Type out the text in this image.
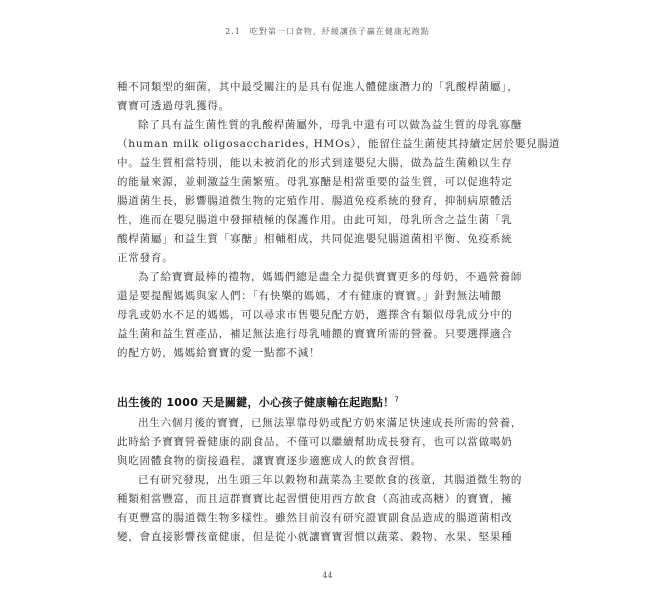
2.1　吃對第一口食物，紓緩讓孩子贏在健康起跑點

種不同類型的細菌，其中最受關注的是具有促進人體健康潛力的「乳酸桿菌屬」，
寶寶可透過母乳獲得。

除了具有益生菌性質的乳酸桿菌屬外，母乳中還有可以做為益生質的母乳寡醣
（human milk oligosaccharides, HMOs），能留住益生菌使其持續定居於嬰兒腸道
中。益生質相當特別，能以未被消化的形式到達嬰兒大腸，做為益生菌賴以生存
的能量來源，並刺激益生菌繁殖。母乳寡醣是相當重要的益生質，可以促進特定
腸道菌生長，影響腸道微生物的定殖作用、腸道免疫系統的發育，抑制病原體活
性，進而在嬰兒腸道中發揮積極的保護作用。由此可知，母乳所含之益生菌「乳
酸桿菌屬」和益生質「寡醣」相輔相成，共同促進嬰兒腸道菌相平衡、免疫系統
正常發育。

為了給寶寶最棒的禮物，媽媽們總是盡全力提供寶寶更多的母奶，不過營養師
還是要提醒媽媽與家人們：「有快樂的媽媽，才有健康的寶寶。」針對無法哺餵
母乳或奶水不足的媽媽，可以尋求市售嬰兒配方奶，選擇含有類似母乳成分中的
益生菌和益生質產品，補足無法進行母乳哺餵的寶寶所需的營養。只要選擇適合
的配方奶，媽媽給寶寶的愛一點都不減！

出生後的 1000 天是關鍵，小心孩子健康輸在起跑點！$^7$

出生六個月後的寶寶，已無法單靠母奶或配方奶來滿足快速成長所需的營養，
此時給予寶寶營養健康的副食品，不僅可以繼續幫助成長發育，也可以當做喝奶
與吃固體食物的銜接過程，讓寶寶逐步適應成人的飲食習慣。

已有研究發現，出生頭三年以穀物和蔬菜為主要飲食的孩童，其腸道微生物的
種類相當豐富，而且這群寶寶比起習慣使用西方飲食（高油或高糖）的寶寶，擁
有更豐富的腸道微生物多樣性。雖然目前沒有研究證實副食品造成的腸道菌相改
變，會直接影響孩童健康，但是從小就讓寶寶習慣以蔬菜、穀物、水果、堅果種

44
